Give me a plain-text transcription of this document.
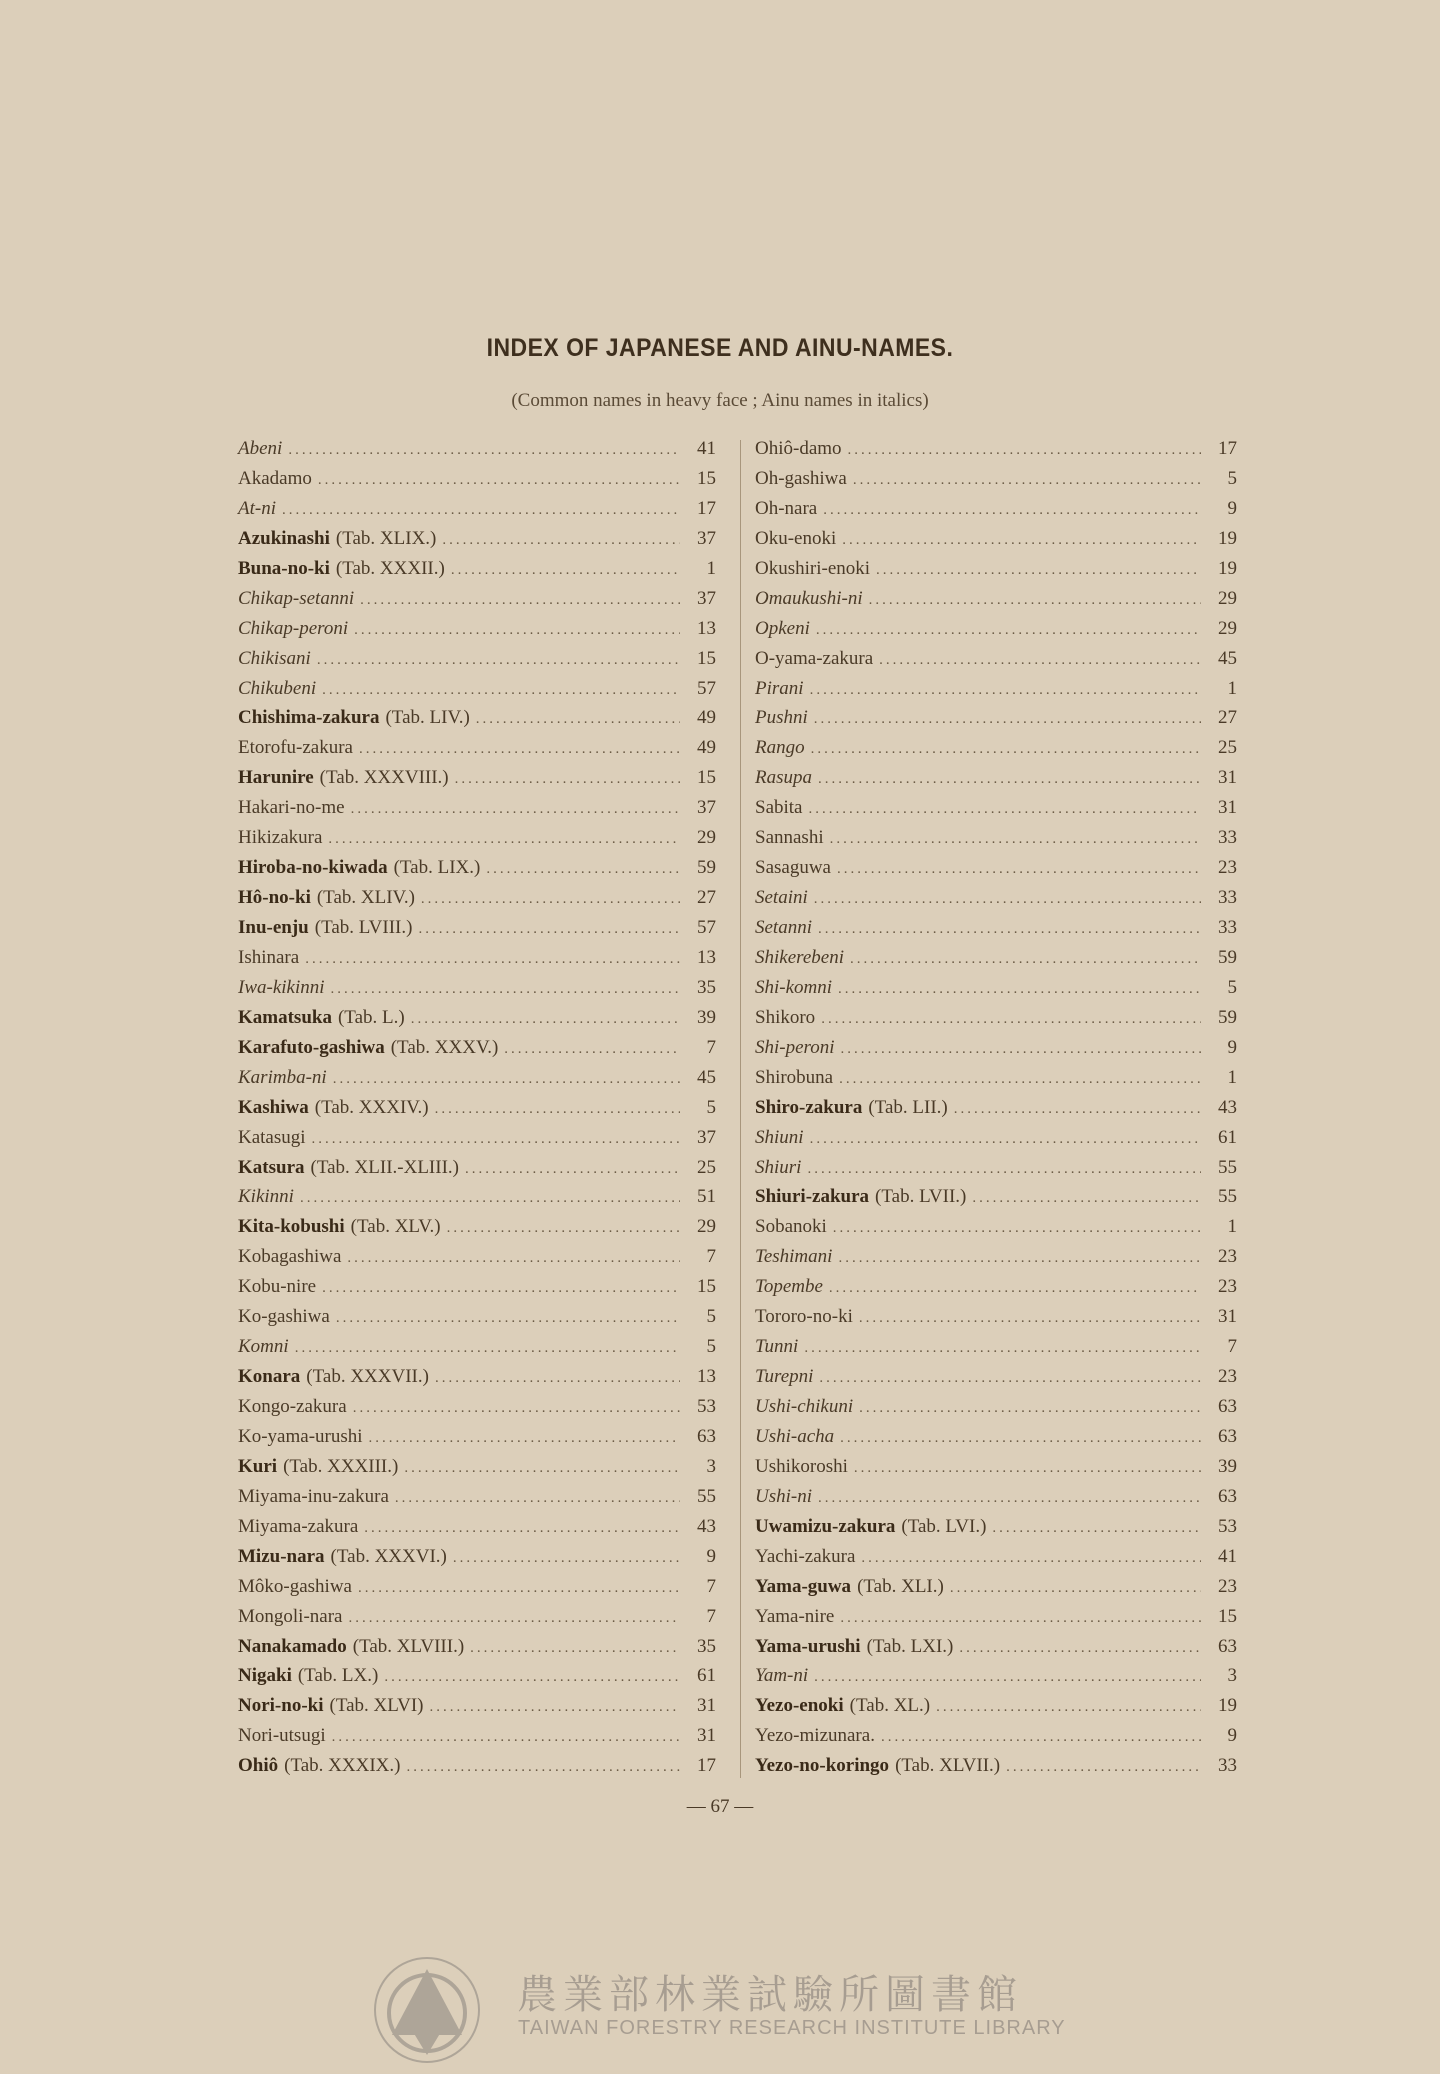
INDEX OF JAPANESE AND AINU-NAMES.
(Common names in heavy face ; Ainu names in italics)
Abeni .....	41
Akadamo .....	15
At-ni .....	17
Azukinashi (Tab. XLIX.) .....	37
Buna-no-ki (Tab. XXXII.) .....	1
Chikap-setanni .....	37
Chikap-peroni .....	13
Chikisani .....	15
Chikubeni .....	57
Chishima-zakura (Tab. LIV.) .....	49
Etorofu-zakura .....	49
Harunire (Tab. XXXVIII.) .....	15
Hakari-no-me .....	37
Hikizakura .....	29
Hiroba-no-kiwada (Tab. LIX.) .....	59
Hô-no-ki (Tab. XLIV.) .....	27
Inu-enju (Tab. LVIII.) .....	57
Ishinara .....	13
Iwa-kikinni .....	35
Kamatsuka (Tab. L.) .....	39
Karafuto-gashiwa (Tab. XXXV.) .....	7
Karimba-ni .....	45
Kashiwa (Tab. XXXIV.) .....	5
Katasugi .....	37
Katsura (Tab. XLII.-XLIII.) .....	25
Kikinni .....	51
Kita-kobushi (Tab. XLV.) .....	29
Kobagashiwa .....	7
Kobu-nire .....	15
Ko-gashiwa .....	5
Komni .....	5
Konara (Tab. XXXVII.) .....	13
Kongo-zakura .....	53
Ko-yama-urushi .....	63
Kuri (Tab. XXXIII.) .....	3
Miyama-inu-zakura .....	55
Miyama-zakura .....	43
Mizu-nara (Tab. XXXVI.) .....	9
Môko-gashiwa .....	7
Mongoli-nara .....	7
Nanakamado (Tab. XLVIII.) .....	35
Nigaki (Tab. LX.) .....	61
Nori-no-ki (Tab. XLVI) .....	31
Nori-utsugi .....	31
Ohiô (Tab. XXXIX.) .....	17
Ohiô-damo .....	17
Oh-gashiwa .....	5
Oh-nara .....	9
Oku-enoki .....	19
Okushiri-enoki .....	19
Omaukushi-ni .....	29
Opkeni .....	29
O-yama-zakura .....	45
Pirani .....	1
Pushni .....	27
Rango .....	25
Rasupa .....	31
Sabita .....	31
Sannashi .....	33
Sasaguwa .....	23
Setaini .....	33
Setanni .....	33
Shikerebeni .....	59
Shi-komni .....	5
Shikoro .....	59
Shi-peroni .....	9
Shirobuna .....	1
Shiro-zakura (Tab. LII.) .....	43
Shiuni .....	61
Shiuri .....	55
Shiuri-zakura (Tab. LVII.) .....	55
Sobanoki .....	1
Teshimani .....	23
Topembe .....	23
Tororo-no-ki .....	31
Tunni .....	7
Turepni .....	23
Ushi-chikuni .....	63
Ushi-acha .....	63
Ushikoroshi .....	39
Ushi-ni .....	63
Uwamizu-zakura (Tab. LVI.) .....	53
Yachi-zakura .....	41
Yama-guwa (Tab. XLI.) .....	23
Yama-nire .....	15
Yama-urushi (Tab. LXI.) .....	63
Yam-ni .....	3
Yezo-enoki (Tab. XL.) .....	19
Yezo-mizunara. .....	9
Yezo-no-koringo (Tab. XLVII.) .....	33
— 67 —
農業部林業試驗所圖書館
TAIWAN FORESTRY RESEARCH INSTITUTE LIBRARY
